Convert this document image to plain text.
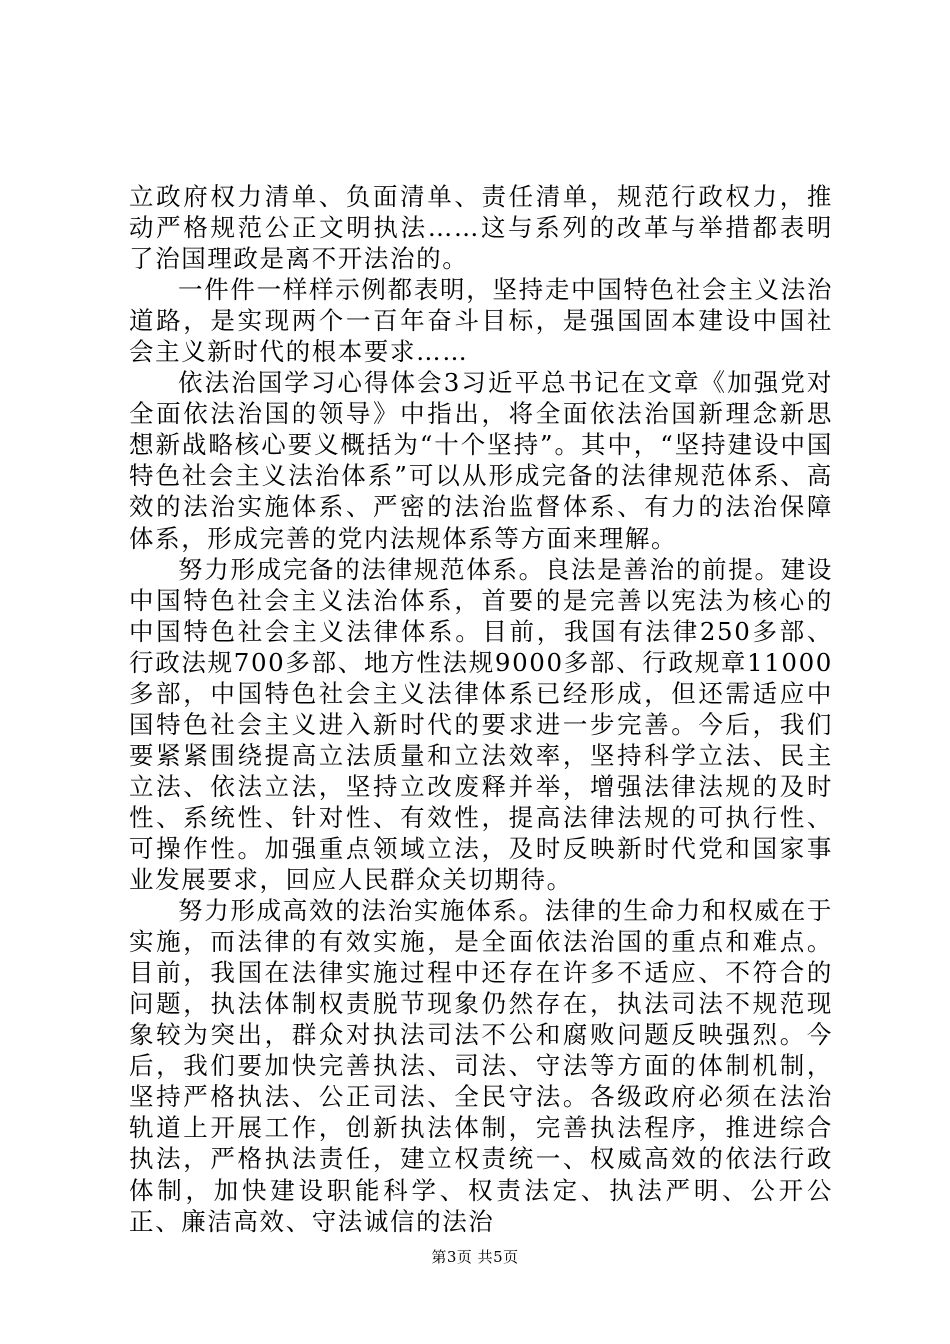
立政府权力清单、负面清单、责任清单，规范行政权力，推动严格规范公正文明执法……这与系列的改革与举措都表明了治国理政是离不开法治的。

一件件一样样示例都表明，坚持走中国特色社会主义法治道路，是实现两个一百年奋斗目标，是强国固本建设中国社会主义新时代的根本要求……

依法治国学习心得体会3习近平总书记在文章《加强党对全面依法治国的领导》中指出，将全面依法治国新理念新思想新战略核心要义概括为“十个坚持”。其中，“坚持建设中国特色社会主义法治体系”可以从形成完备的法律规范体系、高效的法治实施体系、严密的法治监督体系、有力的法治保障体系，形成完善的党内法规体系等方面来理解。

努力形成完备的法律规范体系。良法是善治的前提。建设中国特色社会主义法治体系，首要的是完善以宪法为核心的中国特色社会主义法律体系。目前，我国有法律250多部、行政法规700多部、地方性法规9000多部、行政规章11000多部，中国特色社会主义法律体系已经形成，但还需适应中国特色社会主义进入新时代的要求进一步完善。今后，我们要紧紧围绕提高立法质量和立法效率，坚持科学立法、民主立法、依法立法，坚持立改废释并举，增强法律法规的及时性、系统性、针对性、有效性，提高法律法规的可执行性、可操作性。加强重点领域立法，及时反映新时代党和国家事业发展要求，回应人民群众关切期待。

努力形成高效的法治实施体系。法律的生命力和权威在于实施，而法律的有效实施，是全面依法治国的重点和难点。目前，我国在法律实施过程中还存在许多不适应、不符合的问题，执法体制权责脱节现象仍然存在，执法司法不规范现象较为突出，群众对执法司法不公和腐败问题反映强烈。今后，我们要加快完善执法、司法、守法等方面的体制机制，坚持严格执法、公正司法、全民守法。各级政府必须在法治轨道上开展工作，创新执法体制，完善执法程序，推进综合执法，严格执法责任，建立权责统一、权威高效的依法行政体制，加快建设职能科学、权责法定、执法严明、公开公正、廉洁高效、守法诚信的法治

第3页 共5页
